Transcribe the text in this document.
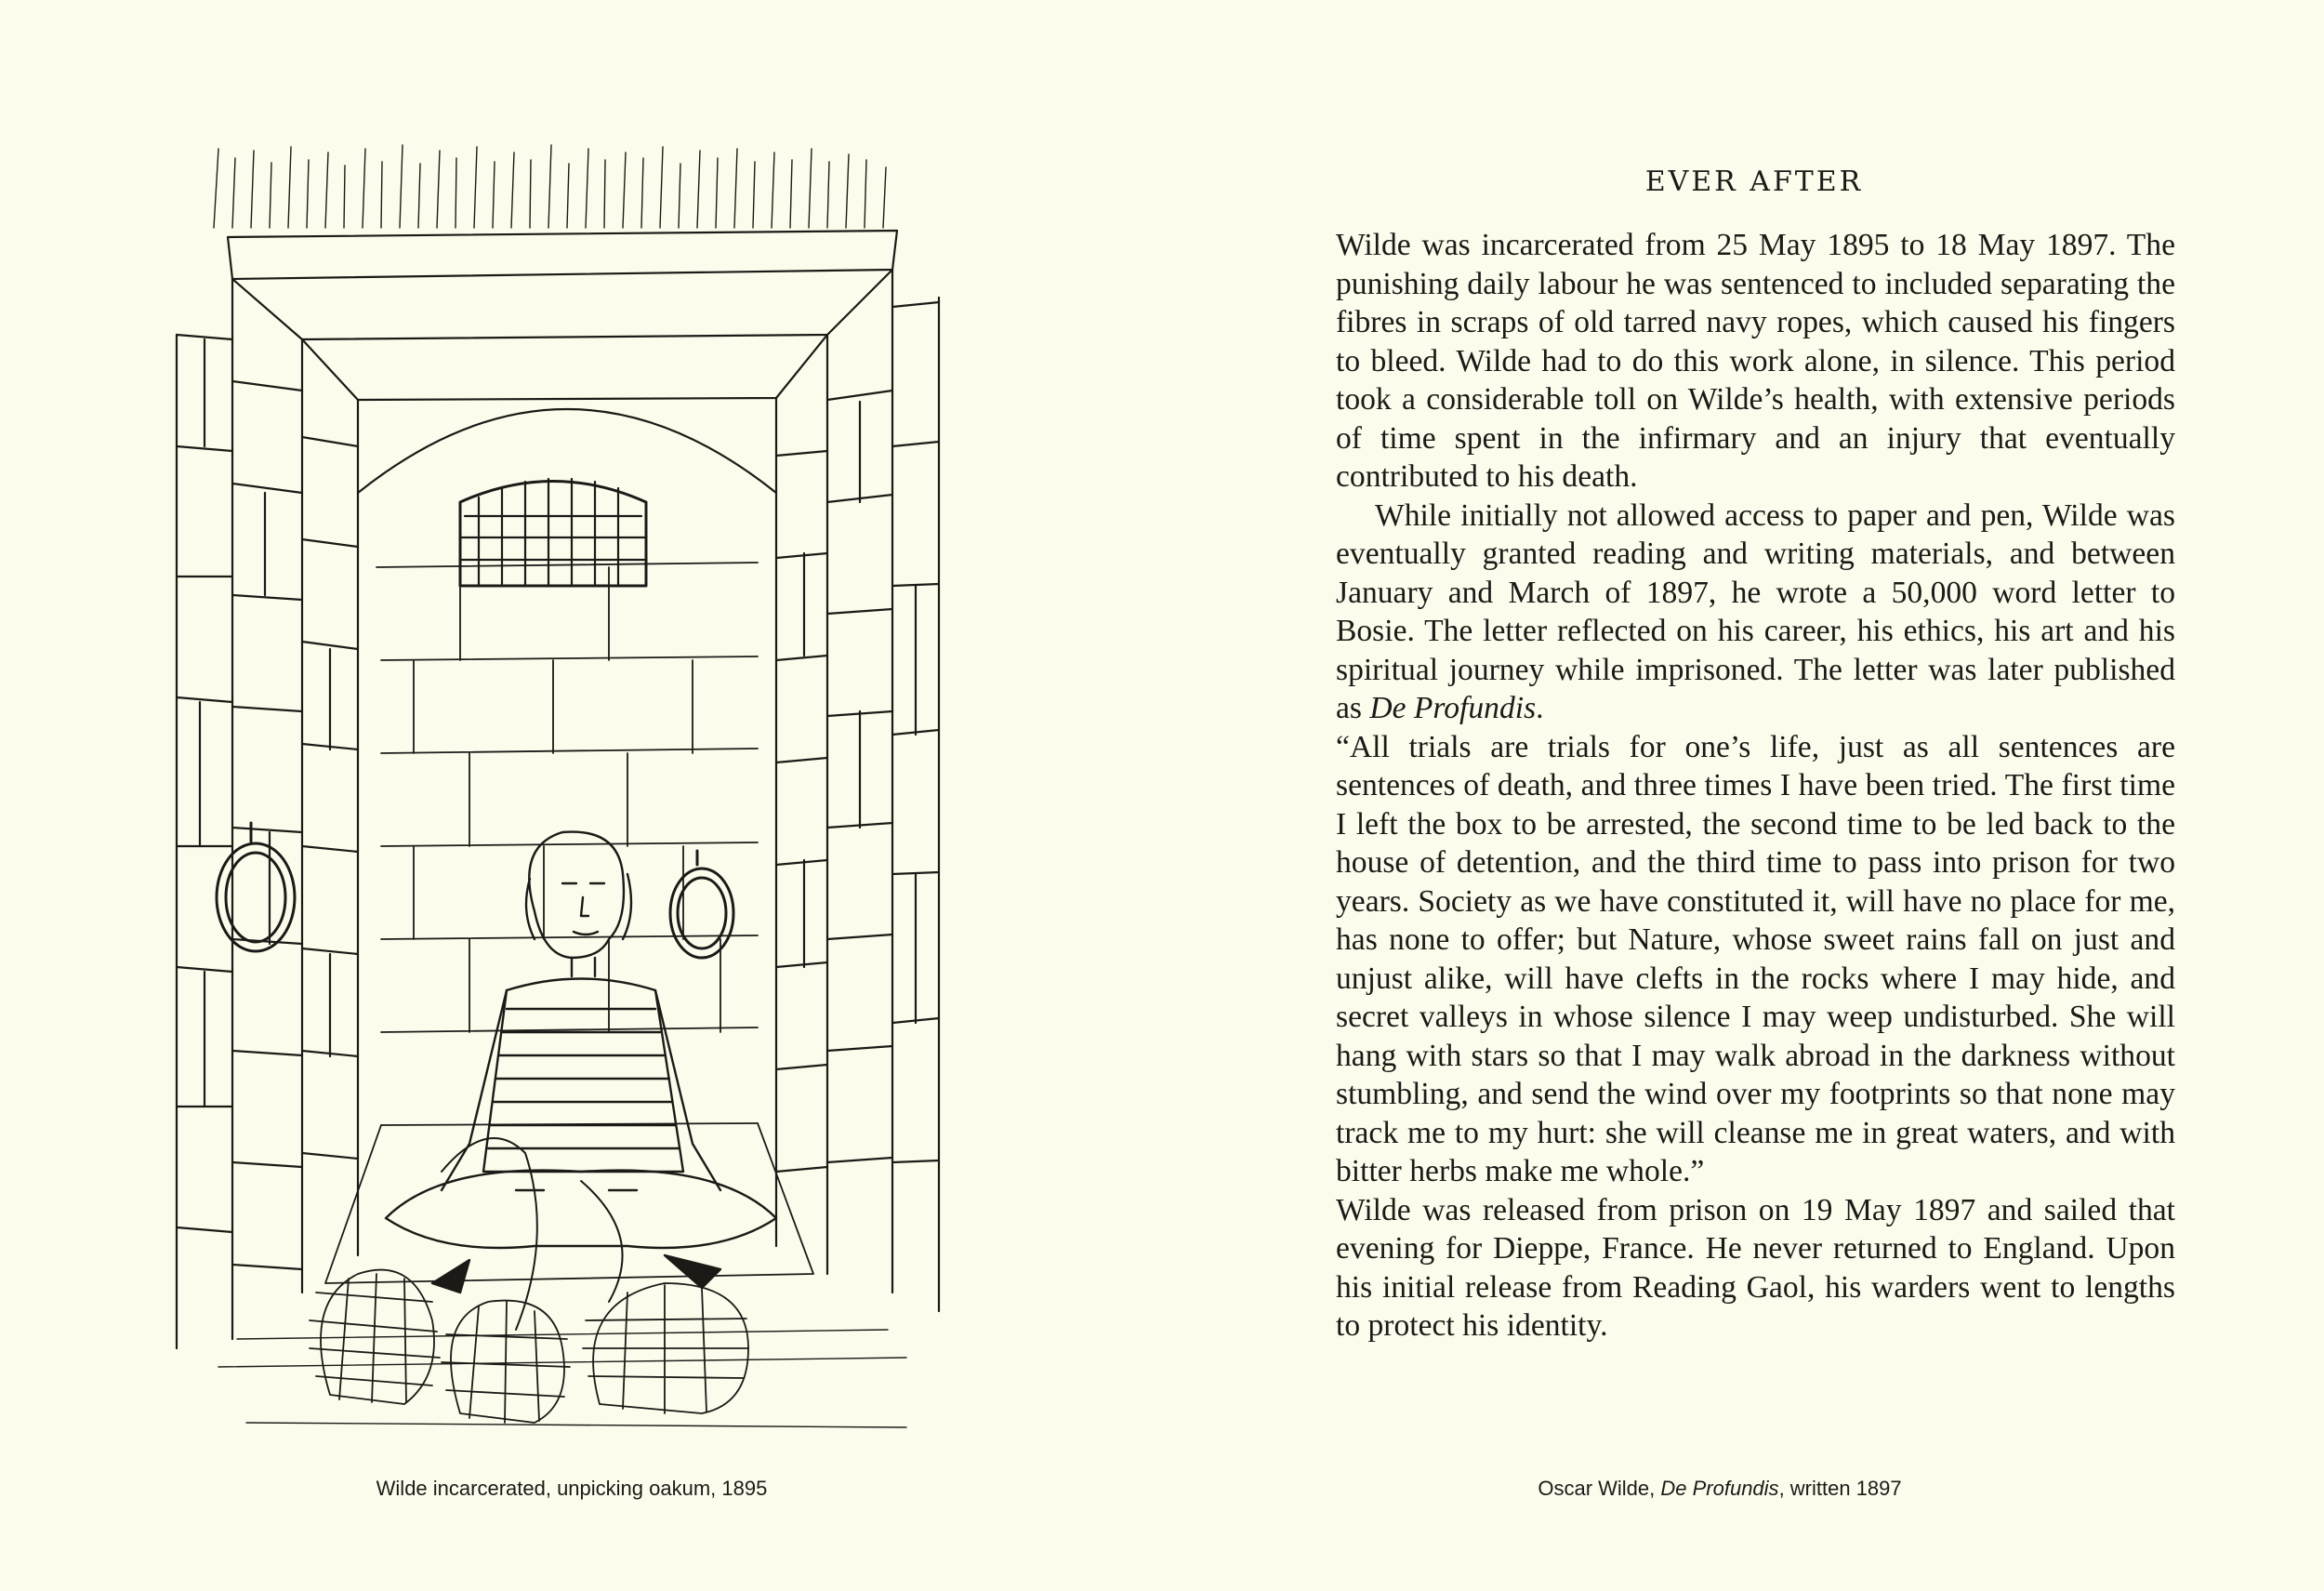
Wilde incarcerated, unpicking oakum, 1895
EVER AFTER

Wilde was incarcerated from 25 May 1895 to 18 May 1897. The punishing daily labour he was sentenced to included separating the fibres in scraps of old tarred navy ropes, which caused his fingers to bleed. Wilde had to do this work alone, in silence. This period took a considerable toll on Wilde’s health, with extensive periods of time spent in the infirmary and an injury that eventually contributed to his death.

While initially not allowed access to paper and pen, Wilde was eventually granted reading and writing materials, and between January and March of 1897, he wrote a 50,000 word letter to Bosie. The letter reflected on his career, his ethics, his art and his spiritual journey while imprisoned. The letter was later published as De Profundis.

“All trials are trials for one’s life, just as all sentences are sentences of death, and three times I have been tried. The first time I left the box to be arrested, the second time to be led back to the house of detention, and the third time to pass into prison for two years. Society as we have constituted it, will have no place for me, has none to offer; but Nature, whose sweet rains fall on just and unjust alike, will have clefts in the rocks where I may hide, and secret valleys in whose silence I may weep undisturbed. She will hang with stars so that I may walk abroad in the darkness without stumbling, and send the wind over my footprints so that none may track me to my hurt: she will cleanse me in great waters, and with bitter herbs make me whole.”

Wilde was released from prison on 19 May 1897 and sailed that evening for Dieppe, France. He never returned to England. Upon his initial release from Reading Gaol, his warders went to lengths to protect his identity.

Oscar Wilde, De Profundis, written 1897
